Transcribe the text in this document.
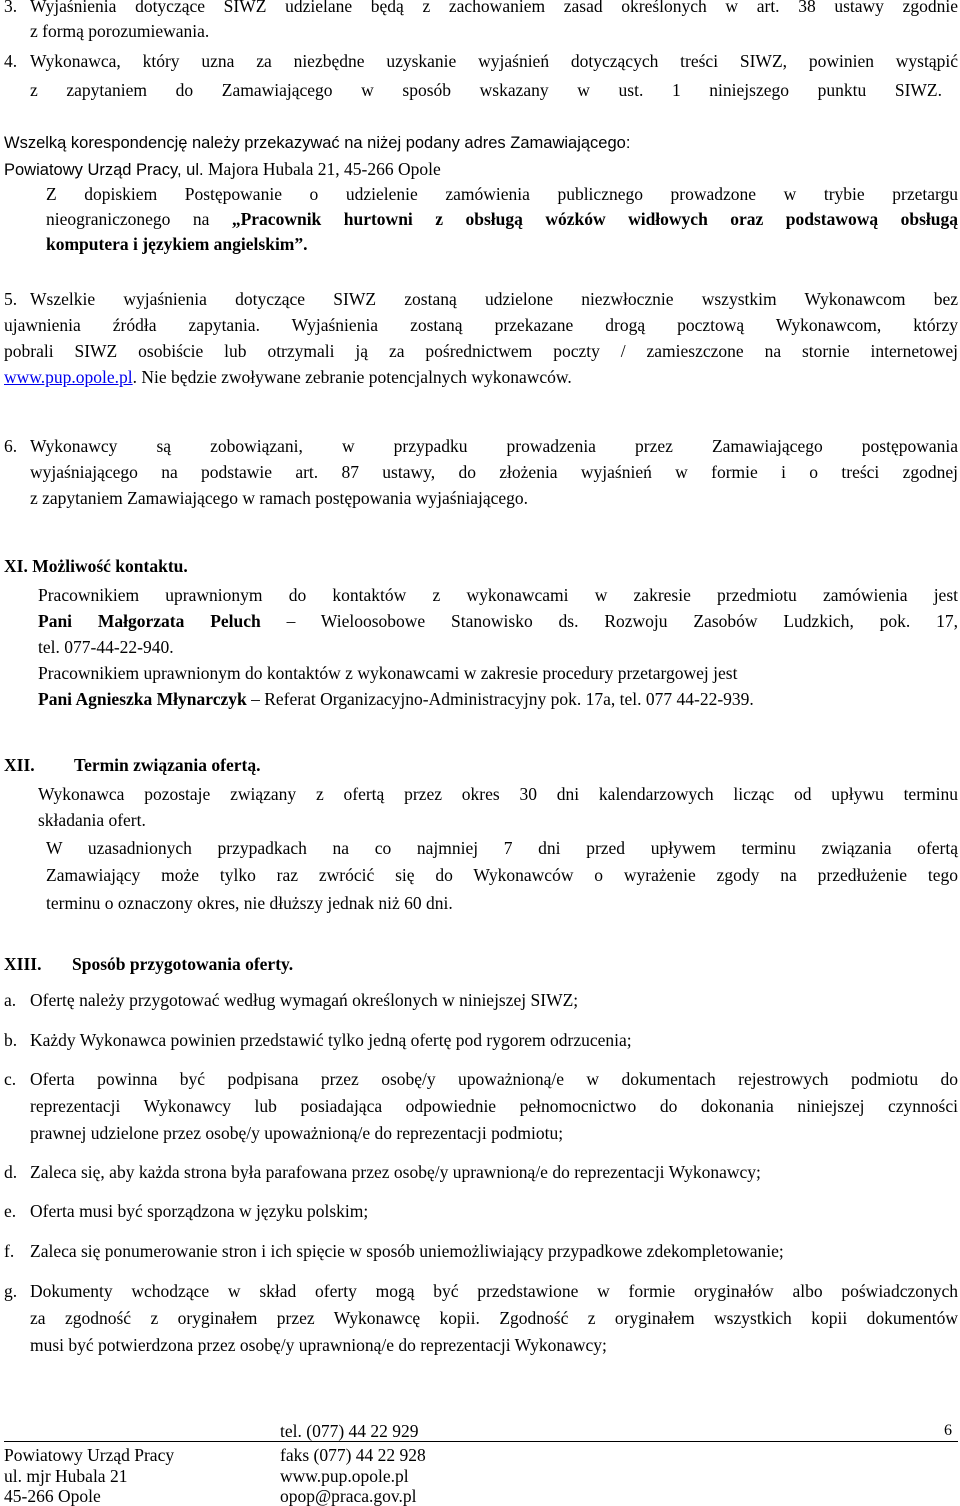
3. Wyjaśnienia dotyczące SIWZ udzielane będą z zachowaniem zasad określonych w art. 38 ustawy zgodnie
z formą porozumiewania.
4. Wykonawca, który uzna za niezbędne uzyskanie wyjaśnień dotyczących treści SIWZ, powinien wystąpić
z zapytaniem do Zamawiającego w sposób wskazany w ust. 1 niniejszego punktu SIWZ.
Wszelką korespondencję należy przekazywać na niżej podany adres Zamawiającego:
Powiatowy Urząd Pracy, ul. Majora Hubala 21, 45-266 Opole
Z dopiskiem Postępowanie o udzielenie zamówienia publicznego prowadzone w trybie przetargu
nieograniczonego na „Pracownik hurtowni z obsługą wózków widłowych oraz podstawową obsługą
komputera i językiem angielskim”.
5. Wszelkie wyjaśnienia dotyczące SIWZ zostaną udzielone niezwłocznie wszystkim Wykonawcom bez
ujawnienia źródła zapytania. Wyjaśnienia zostaną przekazane drogą pocztową Wykonawcom, którzy
pobrali SIWZ osobiście lub otrzymali ją za pośrednictwem poczty / zamieszczone na stornie internetowej
www.pup.opole.pl. Nie będzie zwoływane zebranie potencjalnych wykonawców.
6. Wykonawcy są zobowiązani, w przypadku prowadzenia przez Zamawiającego postępowania
wyjaśniającego na podstawie art. 87 ustawy, do złożenia wyjaśnień w formie i o treści zgodnej
z zapytaniem Zamawiającego w ramach postępowania wyjaśniającego.
XI. Możliwość kontaktu.
Pracownikiem uprawnionym do kontaktów z wykonawcami w zakresie przedmiotu zamówienia jest
Pani Małgorzata Peluch – Wieloosobowe Stanowisko ds. Rozwoju Zasobów Ludzkich, pok. 17,
tel. 077-44-22-940.
Pracownikiem uprawnionym do kontaktów z wykonawcami w zakresie procedury przetargowej jest
Pani Agnieszka Młynarczyk – Referat Organizacyjno-Administracyjny pok. 17a, tel. 077 44-22-939.
XII. Termin związania ofertą.
Wykonawca pozostaje związany z ofertą przez okres 30 dni kalendarzowych licząc od upływu terminu
składania ofert.
W uzasadnionych przypadkach na co najmniej 7 dni przed upływem terminu związania ofertą
Zamawiający może tylko raz zwrócić się do Wykonawców o wyrażenie zgody na przedłużenie tego
terminu o oznaczony okres, nie dłuższy jednak niż 60 dni.
XIII. Sposób przygotowania oferty.
a. Ofertę należy przygotować według wymagań określonych w niniejszej SIWZ;
b. Każdy Wykonawca powinien przedstawić tylko jedną ofertę pod rygorem odrzucenia;
c. Oferta powinna być podpisana przez osobę/y upoważnioną/e w dokumentach rejestrowych podmiotu do
reprezentacji Wykonawcy lub posiadająca odpowiednie pełnomocnictwo do dokonania niniejszej czynności
prawnej udzielone przez osobę/y upoważnioną/e do reprezentacji podmiotu;
d. Zaleca się, aby każda strona była parafowana przez osobę/y uprawnioną/e do reprezentacji Wykonawcy;
e. Oferta musi być sporządzona w języku polskim;
f. Zaleca się ponumerowanie stron i ich spięcie w sposób uniemożliwiający przypadkowe zdekompletowanie;
g. Dokumenty wchodzące w skład oferty mogą być przedstawione w formie oryginałów albo poświadczonych
za zgodność z oryginałem przez Wykonawcę kopii. Zgodność z oryginałem wszystkich kopii dokumentów
musi być potwierdzona przez osobę/y uprawnioną/e do reprezentacji Wykonawcy;
6
tel. (077) 44 22 929
Powiatowy Urząd Pracy	faks (077) 44 22 928
ul. mjr Hubala 21	www.pup.opole.pl
45-266 Opole	opop@praca.gov.pl
